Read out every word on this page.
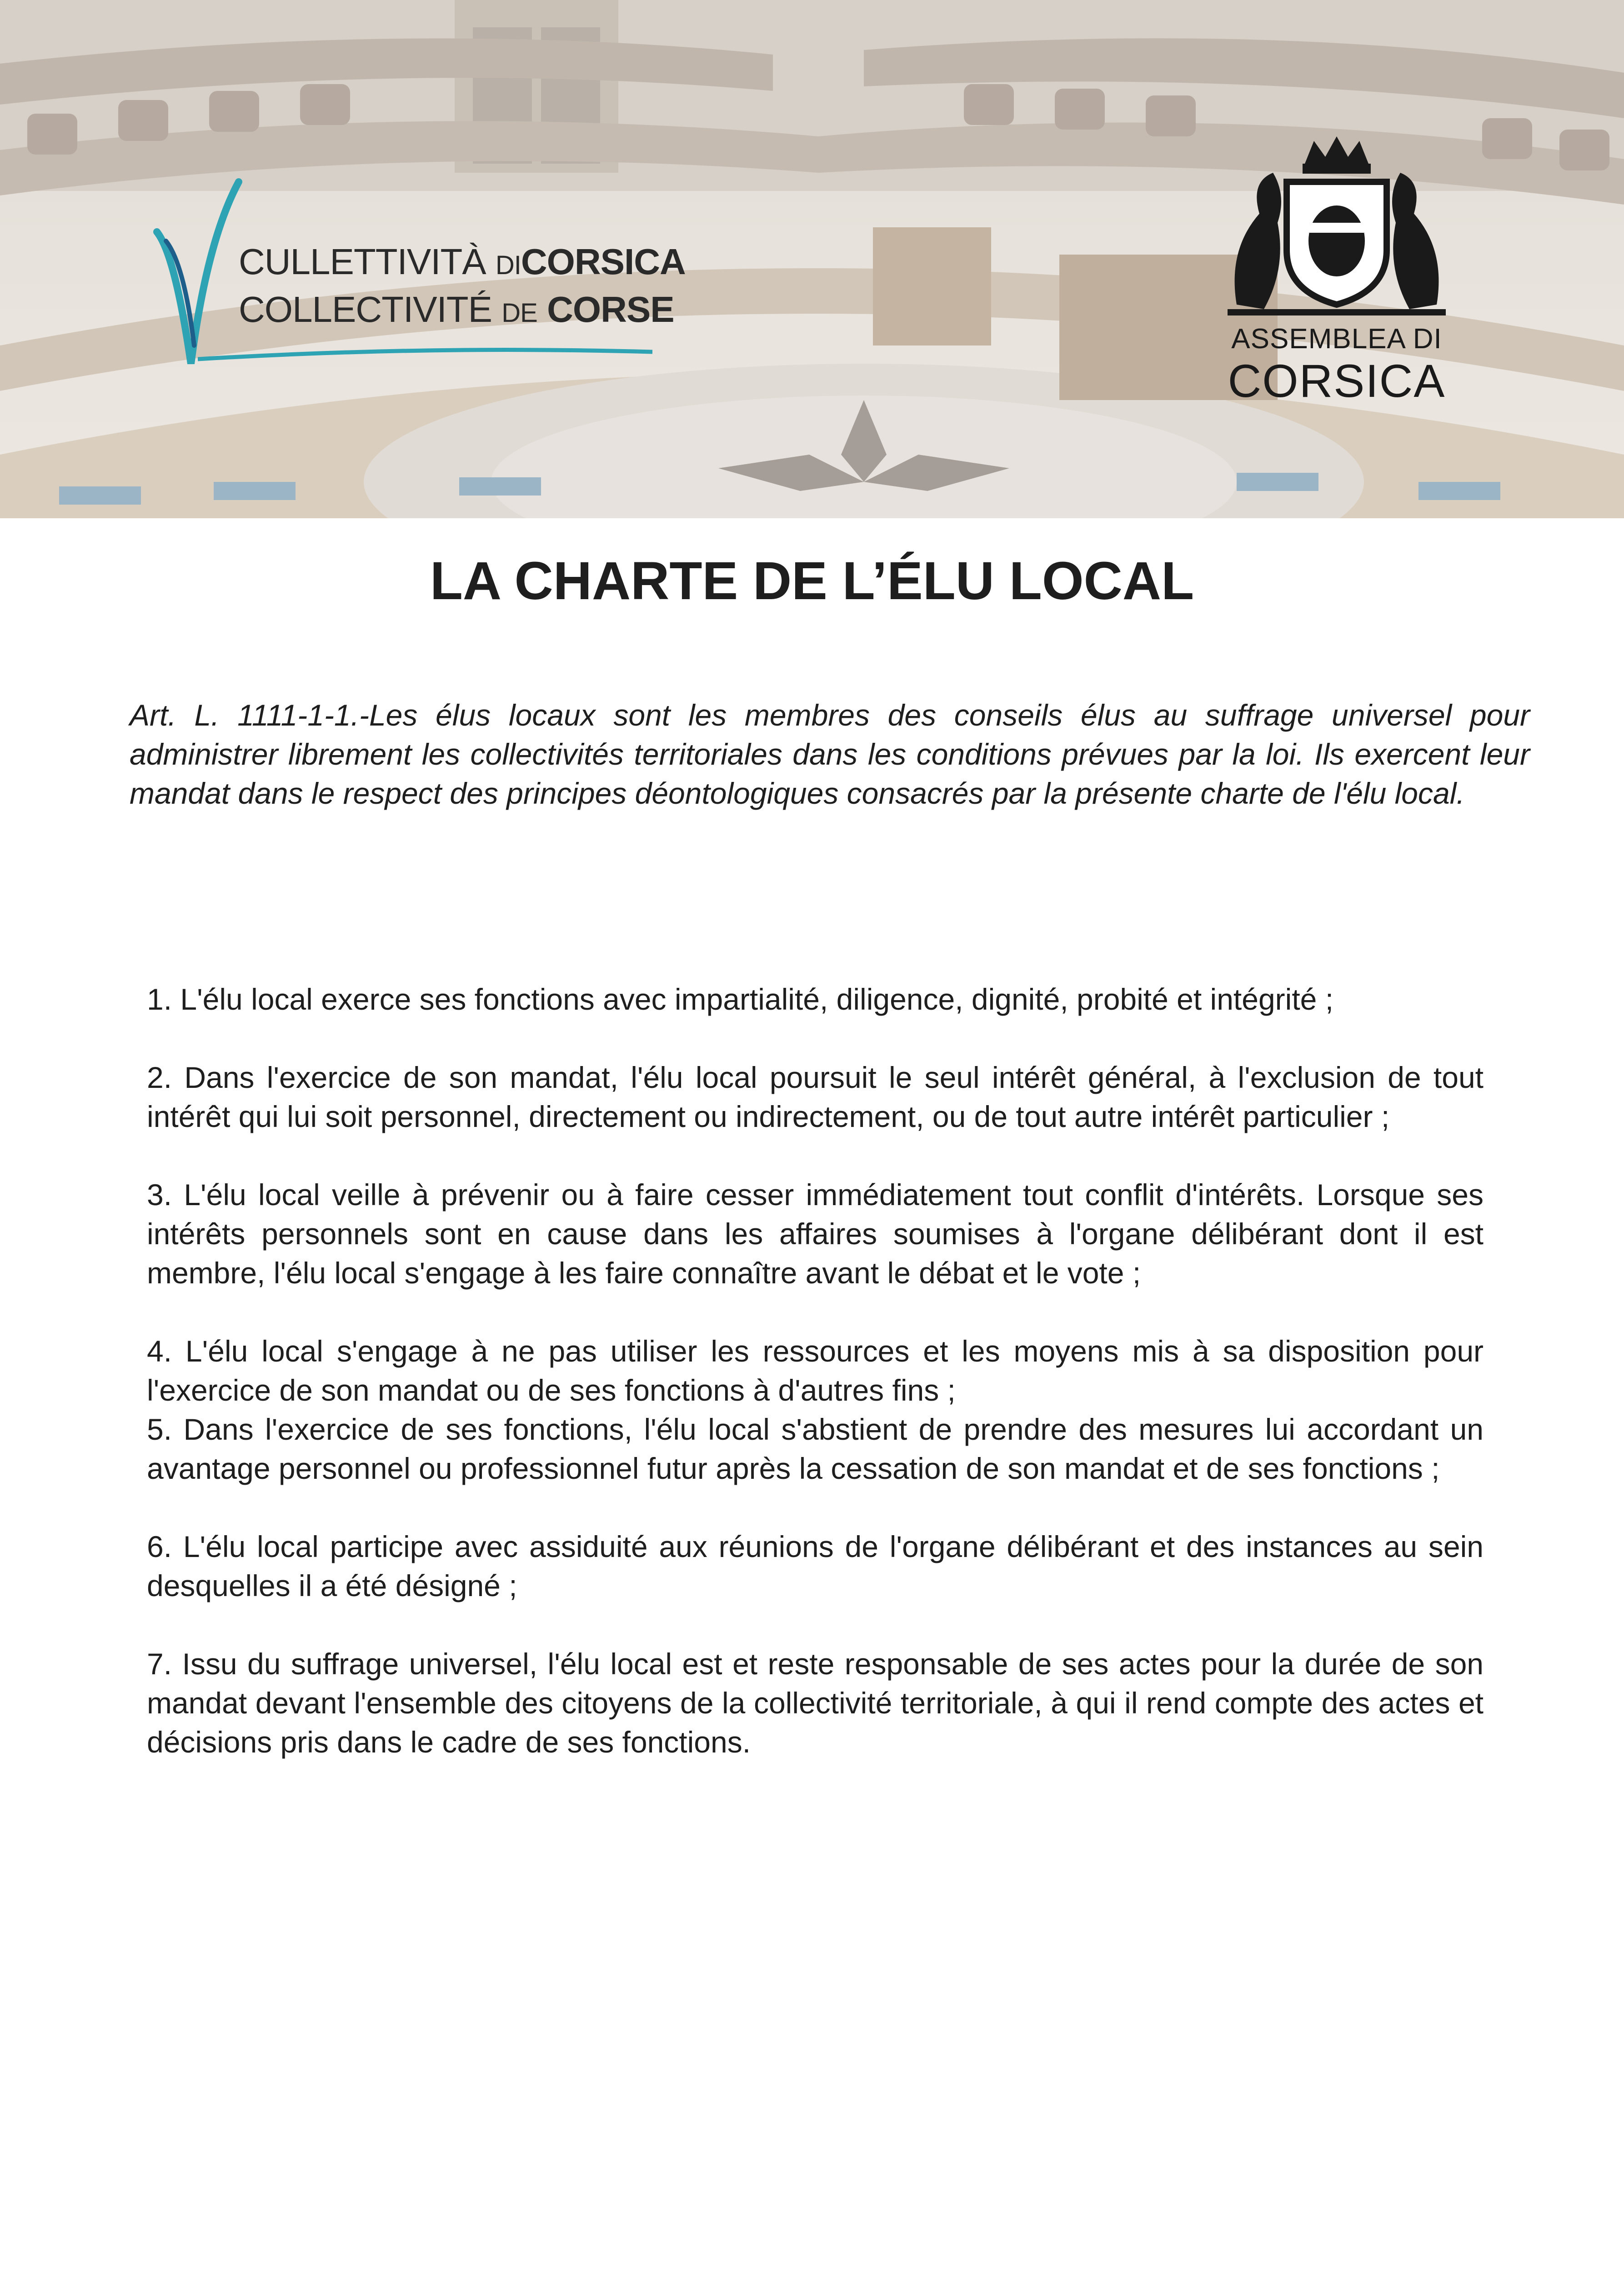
CULLETTIVITÀ DICORSICA
COLLECTIVITÉ DE CORSE
ASSEMBLEA DI
CORSICA
LA CHARTE DE L’ÉLU LOCAL

Art. L. 1111-1-1.-Les élus locaux sont les membres des conseils élus au suffrage universel pour administrer librement les collectivités territoriales dans les conditions prévues par la loi. Ils exercent leur mandat dans le respect des principes déontologiques consacrés par la présente charte de l'élu local.

1. L'élu local exerce ses fonctions avec impartialité, diligence, dignité, probité et intégrité ;

2. Dans l'exercice de son mandat, l'élu local poursuit le seul intérêt général, à l'exclusion de tout intérêt qui lui soit personnel, directement ou indirectement, ou de tout autre intérêt particulier ;

3. L'élu local veille à prévenir ou à faire cesser immédiatement tout conflit d'intérêts. Lorsque ses intérêts personnels sont en cause dans les affaires soumises à l'organe délibérant dont il est membre, l'élu local s'engage à les faire connaître avant le débat et le vote ;

4. L'élu local s'engage à ne pas utiliser les ressources et les moyens mis à sa disposition pour l'exercice de son mandat ou de ses fonctions à d'autres fins ;

5. Dans l'exercice de ses fonctions, l'élu local s'abstient de prendre des mesures lui accordant un avantage personnel ou professionnel futur après la cessation de son mandat et de ses fonctions ;

6. L'élu local participe avec assiduité aux réunions de l'organe délibérant et des instances au sein desquelles il a été désigné ;

7. Issu du suffrage universel, l'élu local est et reste responsable de ses actes pour la durée de son mandat devant l'ensemble des citoyens de la collectivité territoriale, à qui il rend compte des actes et décisions pris dans le cadre de ses fonctions.
